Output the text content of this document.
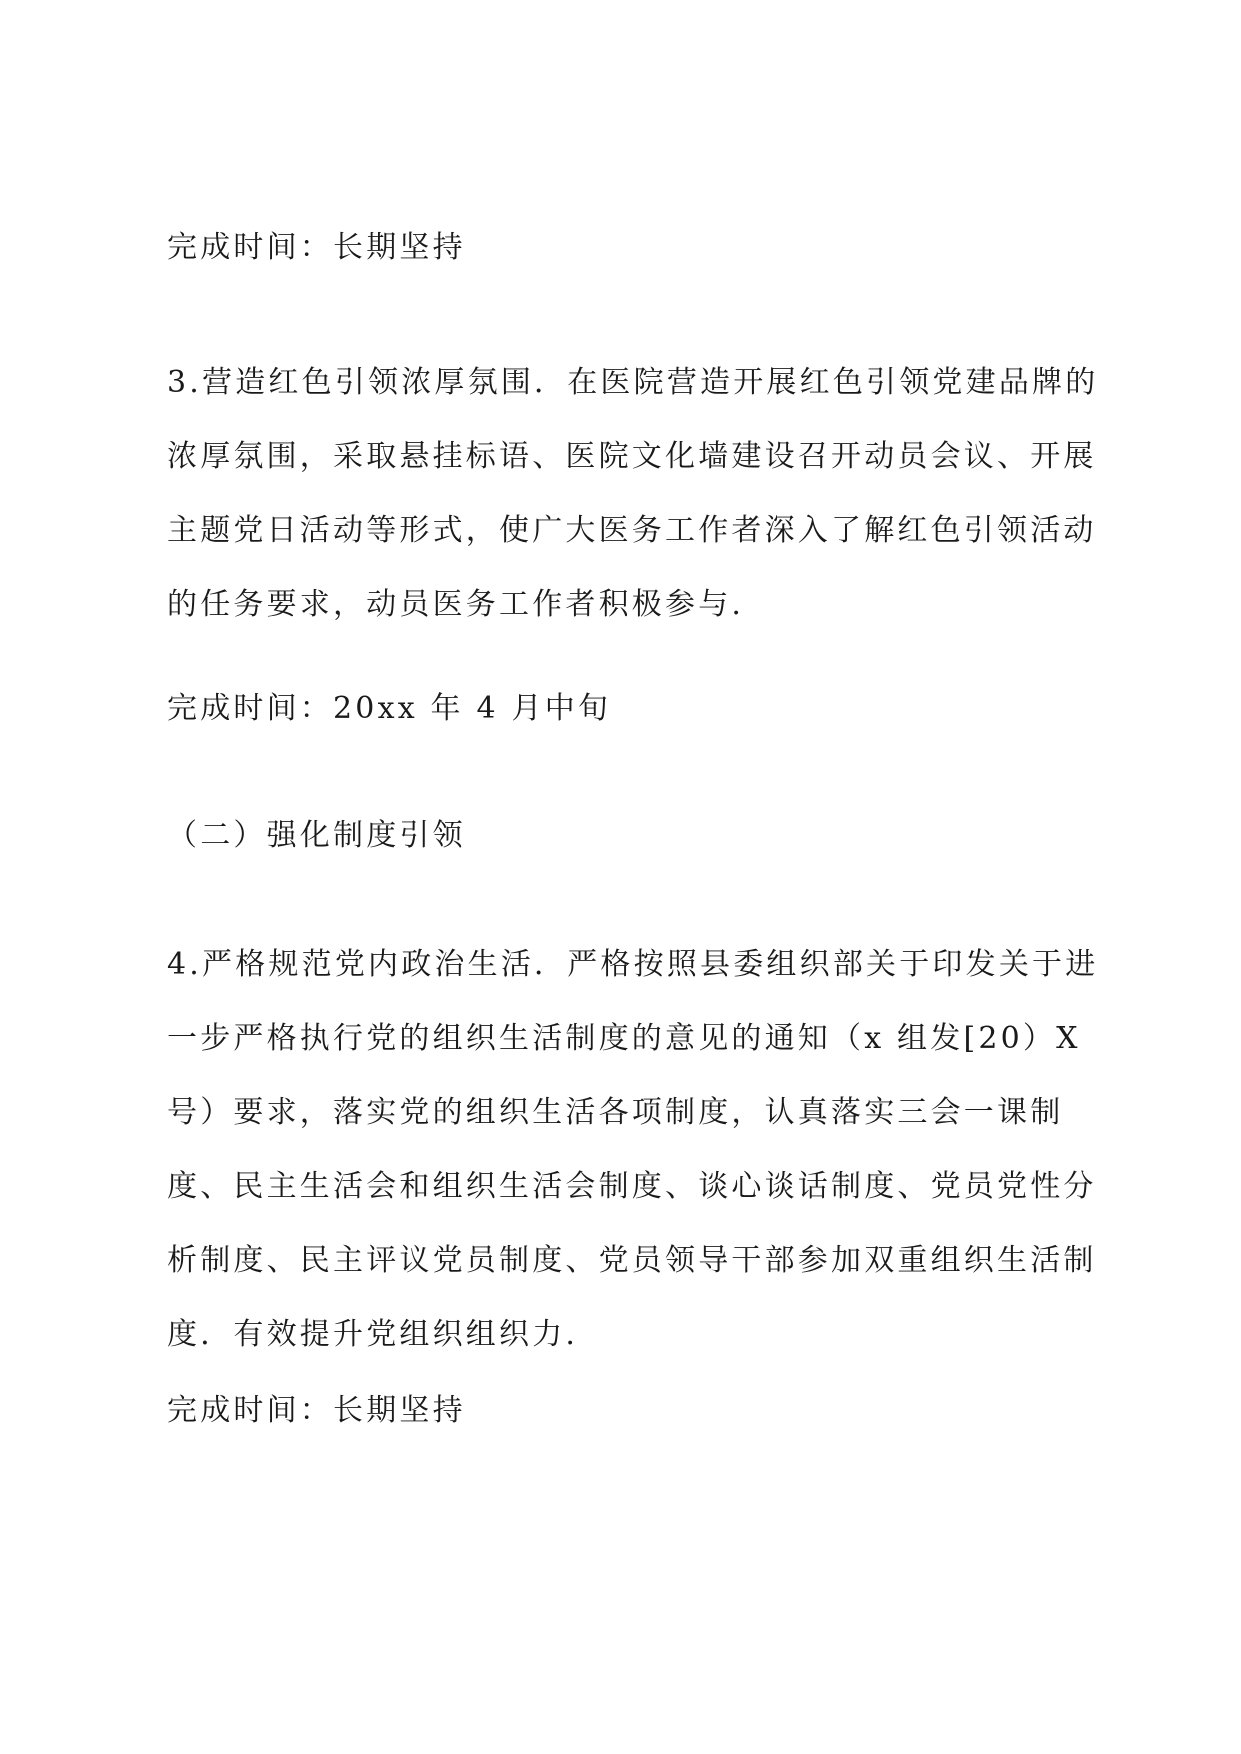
完成时间：长期坚持

3.营造红色引领浓厚氛围．在医院营造开展红色引领党建品牌的
浓厚氛围，采取悬挂标语、医院文化墙建设召开动员会议、开展
主题党日活动等形式，使广大医务工作者深入了解红色引领活动
的任务要求，动员医务工作者积极参与.

完成时间：20xx 年 4 月中旬

（二）强化制度引领

4.严格规范党内政治生活．严格按照县委组织部关于印发关于进
一步严格执行党的组织生活制度的意见的通知（x 组发[20）X
号）要求，落实党的组织生活各项制度，认真落实三会一课制
度、民主生活会和组织生活会制度、谈心谈话制度、党员党性分
析制度、民主评议党员制度、党员领导干部参加双重组织生活制
度．有效提升党组织组织力.

完成时间：长期坚持
